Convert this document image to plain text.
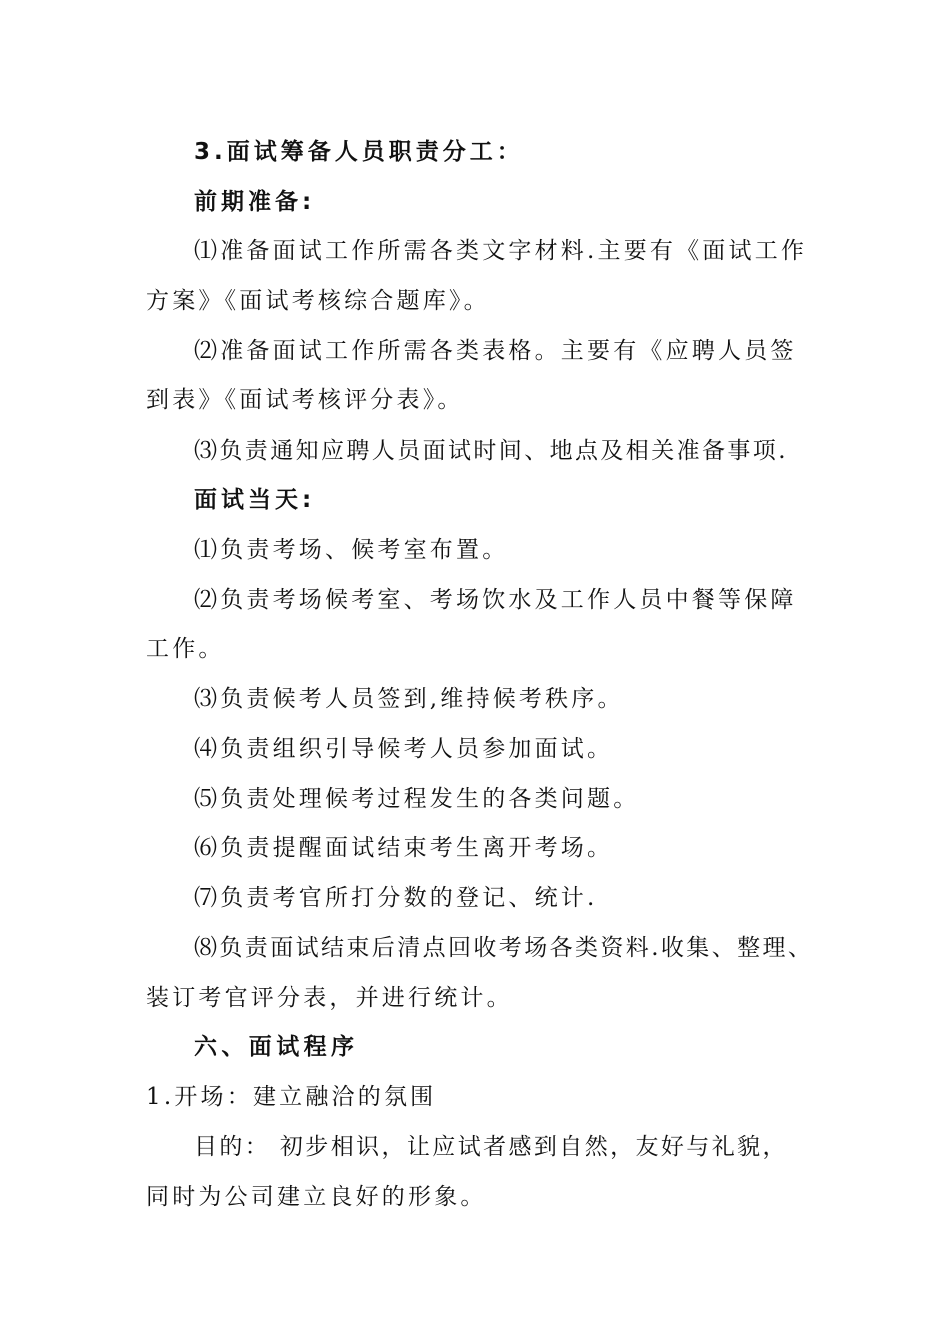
3.面试筹备人员职责分工：
前期准备:
⑴准备面试工作所需各类文字材料.主要有《面试工作
方案》《面试考核综合题库》。
⑵准备面试工作所需各类表格。主要有《应聘人员签
到表》《面试考核评分表》。
⑶负责通知应聘人员面试时间、地点及相关准备事项.
面试当天:
⑴负责考场、候考室布置。
⑵负责考场候考室、考场饮水及工作人员中餐等保障
工作。
⑶负责候考人员签到,维持候考秩序。
⑷负责组织引导候考人员参加面试。
⑸负责处理候考过程发生的各类问题。
⑹负责提醒面试结束考生离开考场。
⑺负责考官所打分数的登记、统计.
⑻负责面试结束后清点回收考场各类资料.收集、整理、
装订考官评分表，并进行统计。
六、面试程序
1.开场：建立融洽的氛围
目的： 初步相识，让应试者感到自然，友好与礼貌，
同时为公司建立良好的形象。
